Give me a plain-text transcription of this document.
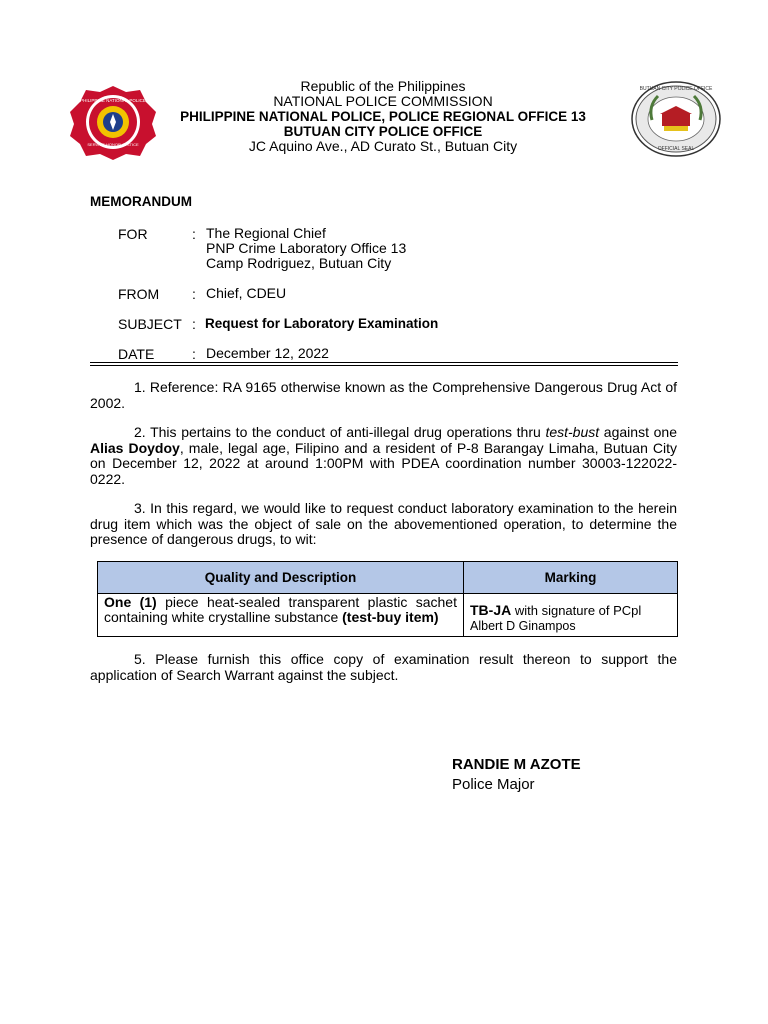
PHILIPPINE NATIONAL POLICE
SERVICE HONOR JUSTICE
BUTUAN CITY POLICE OFFICE
OFFICIAL SEAL
Republic of the Philippines
NATIONAL POLICE COMMISSION
PHILIPPINE NATIONAL POLICE, POLICE REGIONAL OFFICE 13
BUTUAN CITY POLICE OFFICE
JC Aquino Ave., AD Curato St., Butuan City
MEMORANDUM
FOR	: The Regional Chief
PNP Crime Laboratory Office 13
Camp Rodriguez, Butuan City
FROM : Chief, CDEU
SUBJECT : Request for Laboratory Examination
DATE	: December 12, 2022
1. Reference: RA 9165 otherwise known as the Comprehensive Dangerous Drug Act of 2002.
2. This pertains to the conduct of anti-illegal drug operations thru test-bust against one Alias Doydoy, male, legal age, Filipino and a resident of P-8 Barangay Limaha, Butuan City on December 12, 2022 at around 1:00PM with PDEA coordination number 30003-122022-0222.
3. In this regard, we would like to request conduct laboratory examination to the herein drug item which was the object of sale on the abovementioned operation, to determine the presence of dangerous drugs, to wit:
Quality and Description	Marking
One (1) piece heat-sealed transparent plastic sachet containing white crystalline substance (test-buy item)	TB-JA with signature of PCpl
Albert D Ginampos
5. Please furnish this office copy of examination result thereon to support the application of Search Warrant against the subject.
RANDIE M AZOTE
Police Major
